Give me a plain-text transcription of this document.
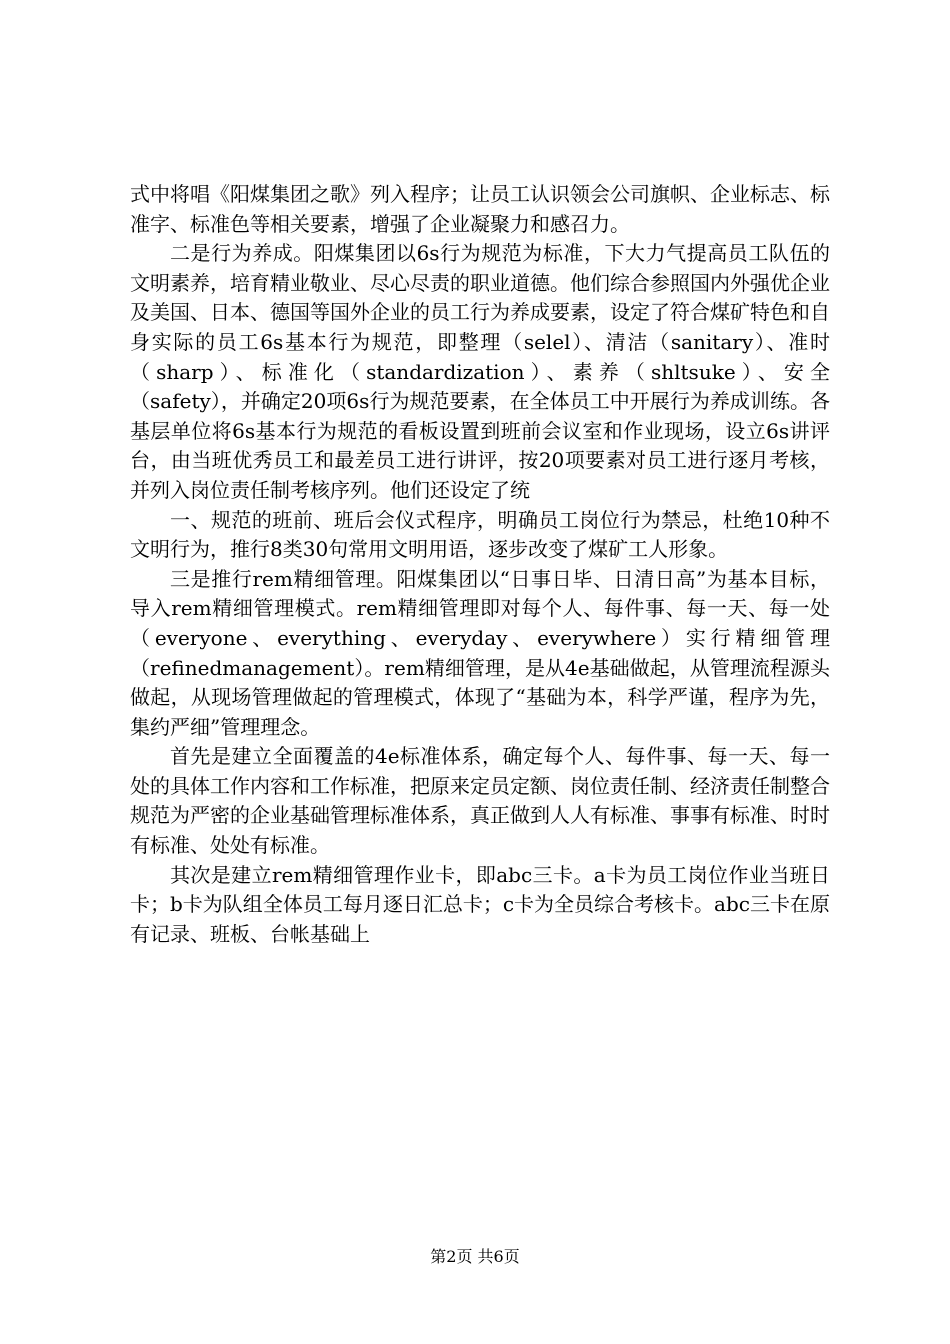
式中将唱《阳煤集团之歌》列入程序；让员工认识领会公司旗帜、企业标志、标准字、标准色等相关要素，增强了企业凝聚力和感召力。

二是行为养成。阳煤集团以6s行为规范为标准，下大力气提高员工队伍的文明素养，培育精业敬业、尽心尽责的职业道德。他们综合参照国内外强优企业及美国、日本、德国等国外企业的员工行为养成要素，设定了符合煤矿特色和自身实际的员工6s基本行为规范，即整理（selel）、清洁（sanitary）、准时（sharp）、标准化（standardization）、素养（shltsuke）、安全（safety），并确定20项6s行为规范要素，在全体员工中开展行为养成训练。各基层单位将6s基本行为规范的看板设置到班前会议室和作业现场，设立6s讲评台，由当班优秀员工和最差员工进行讲评，按20项要素对员工进行逐月考核，并列入岗位责任制考核序列。他们还设定了统

一、规范的班前、班后会仪式程序，明确员工岗位行为禁忌，杜绝10种不文明行为，推行8类30句常用文明用语，逐步改变了煤矿工人形象。

三是推行rem精细管理。阳煤集团以“日事日毕、日清日高”为基本目标，导入rem精细管理模式。rem精细管理即对每个人、每件事、每一天、每一处（everyone、everything、everyday、everywhere）实行精细管理（refinedmanagement）。rem精细管理，是从4e基础做起，从管理流程源头做起，从现场管理做起的管理模式，体现了“基础为本，科学严谨，程序为先，集约严细”管理理念。

首先是建立全面覆盖的4e标准体系，确定每个人、每件事、每一天、每一处的具体工作内容和工作标准，把原来定员定额、岗位责任制、经济责任制整合规范为严密的企业基础管理标准体系，真正做到人人有标准、事事有标准、时时有标准、处处有标准。

其次是建立rem精细管理作业卡，即abc三卡。a卡为员工岗位作业当班日卡；b卡为队组全体员工每月逐日汇总卡；c卡为全员综合考核卡。abc三卡在原有记录、班板、台帐基础上

第2页 共6页
